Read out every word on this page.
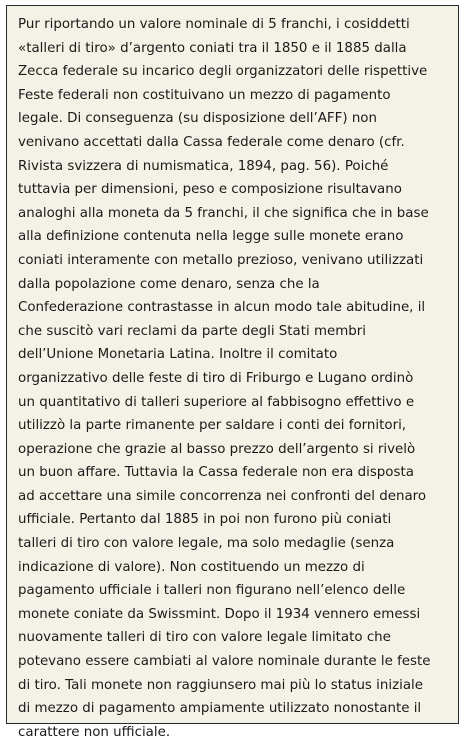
Pur riportando un valore nominale di 5 franchi, i cosiddetti
«talleri di tiro» d’argento coniati tra il 1850 e il 1885 dalla
Zecca federale su incarico degli organizzatori delle rispettive
Feste federali non costituivano un mezzo di pagamento
legale. Di conseguenza (su disposizione dell’AFF) non
venivano accettati dalla Cassa federale come denaro (cfr.
Rivista svizzera di numismatica, 1894, pag. 56). Poiché
tuttavia per dimensioni, peso e composizione risultavano
analoghi alla moneta da 5 franchi, il che significa che in base
alla definizione contenuta nella legge sulle monete erano
coniati interamente con metallo prezioso, venivano utilizzati
dalla popolazione come denaro, senza che la
Confederazione contrastasse in alcun modo tale abitudine, il
che suscitò vari reclami da parte degli Stati membri
dell’Unione Monetaria Latina. Inoltre il comitato
organizzativo delle feste di tiro di Friburgo e Lugano ordinò
un quantitativo di talleri superiore al fabbisogno effettivo e
utilizzò la parte rimanente per saldare i conti dei fornitori,
operazione che grazie al basso prezzo dell’argento si rivelò
un buon affare. Tuttavia la Cassa federale non era disposta
ad accettare una simile concorrenza nei confronti del denaro
ufficiale. Pertanto dal 1885 in poi non furono più coniati
talleri di tiro con valore legale, ma solo medaglie (senza
indicazione di valore). Non costituendo un mezzo di
pagamento ufficiale i talleri non figurano nell’elenco delle
monete coniate da Swissmint. Dopo il 1934 vennero emessi
nuovamente talleri di tiro con valore legale limitato che
potevano essere cambiati al valore nominale durante le feste
di tiro. Tali monete non raggiunsero mai più lo status iniziale
di mezzo di pagamento ampiamente utilizzato nonostante il
carattere non ufficiale.
